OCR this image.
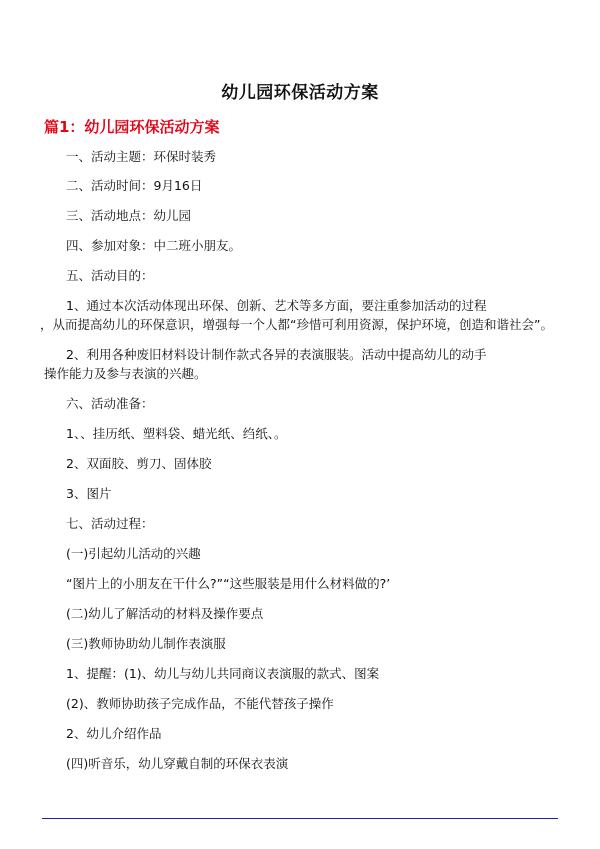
幼儿园环保活动方案
篇1：幼儿园环保活动方案
一、活动主题：环保时装秀
二、活动时间：9月16日
三、活动地点：幼儿园
四、参加对象：中二班小朋友。
五、活动目的：
1、通过本次活动体现出环保、创新、艺术等多方面，要注重参加活动的过程
，从而提高幼儿的环保意识，增强每一个人都“珍惜可利用资源，保护环境，创造和谐社会”。
2、利用各种废旧材料设计制作款式各异的表演服装。活动中提高幼儿的动手
操作能力及参与表演的兴趣。
六、活动准备：
1、、挂历纸、塑料袋、蜡光纸、绉纸、。
2、双面胶、剪刀、固体胶
3、图片
七、活动过程：
(一)引起幼儿活动的兴趣
“图片上的小朋友在干什么?”“这些服装是用什么材料做的?’
(二)幼儿了解活动的材料及操作要点
(三)教师协助幼儿制作表演服
1、提醒：(1)、幼儿与幼儿共同商议表演服的款式、图案
(2)、教师协助孩子完成作品，不能代替孩子操作
2、幼儿介绍作品
(四)听音乐，幼儿穿戴自制的环保衣表演
